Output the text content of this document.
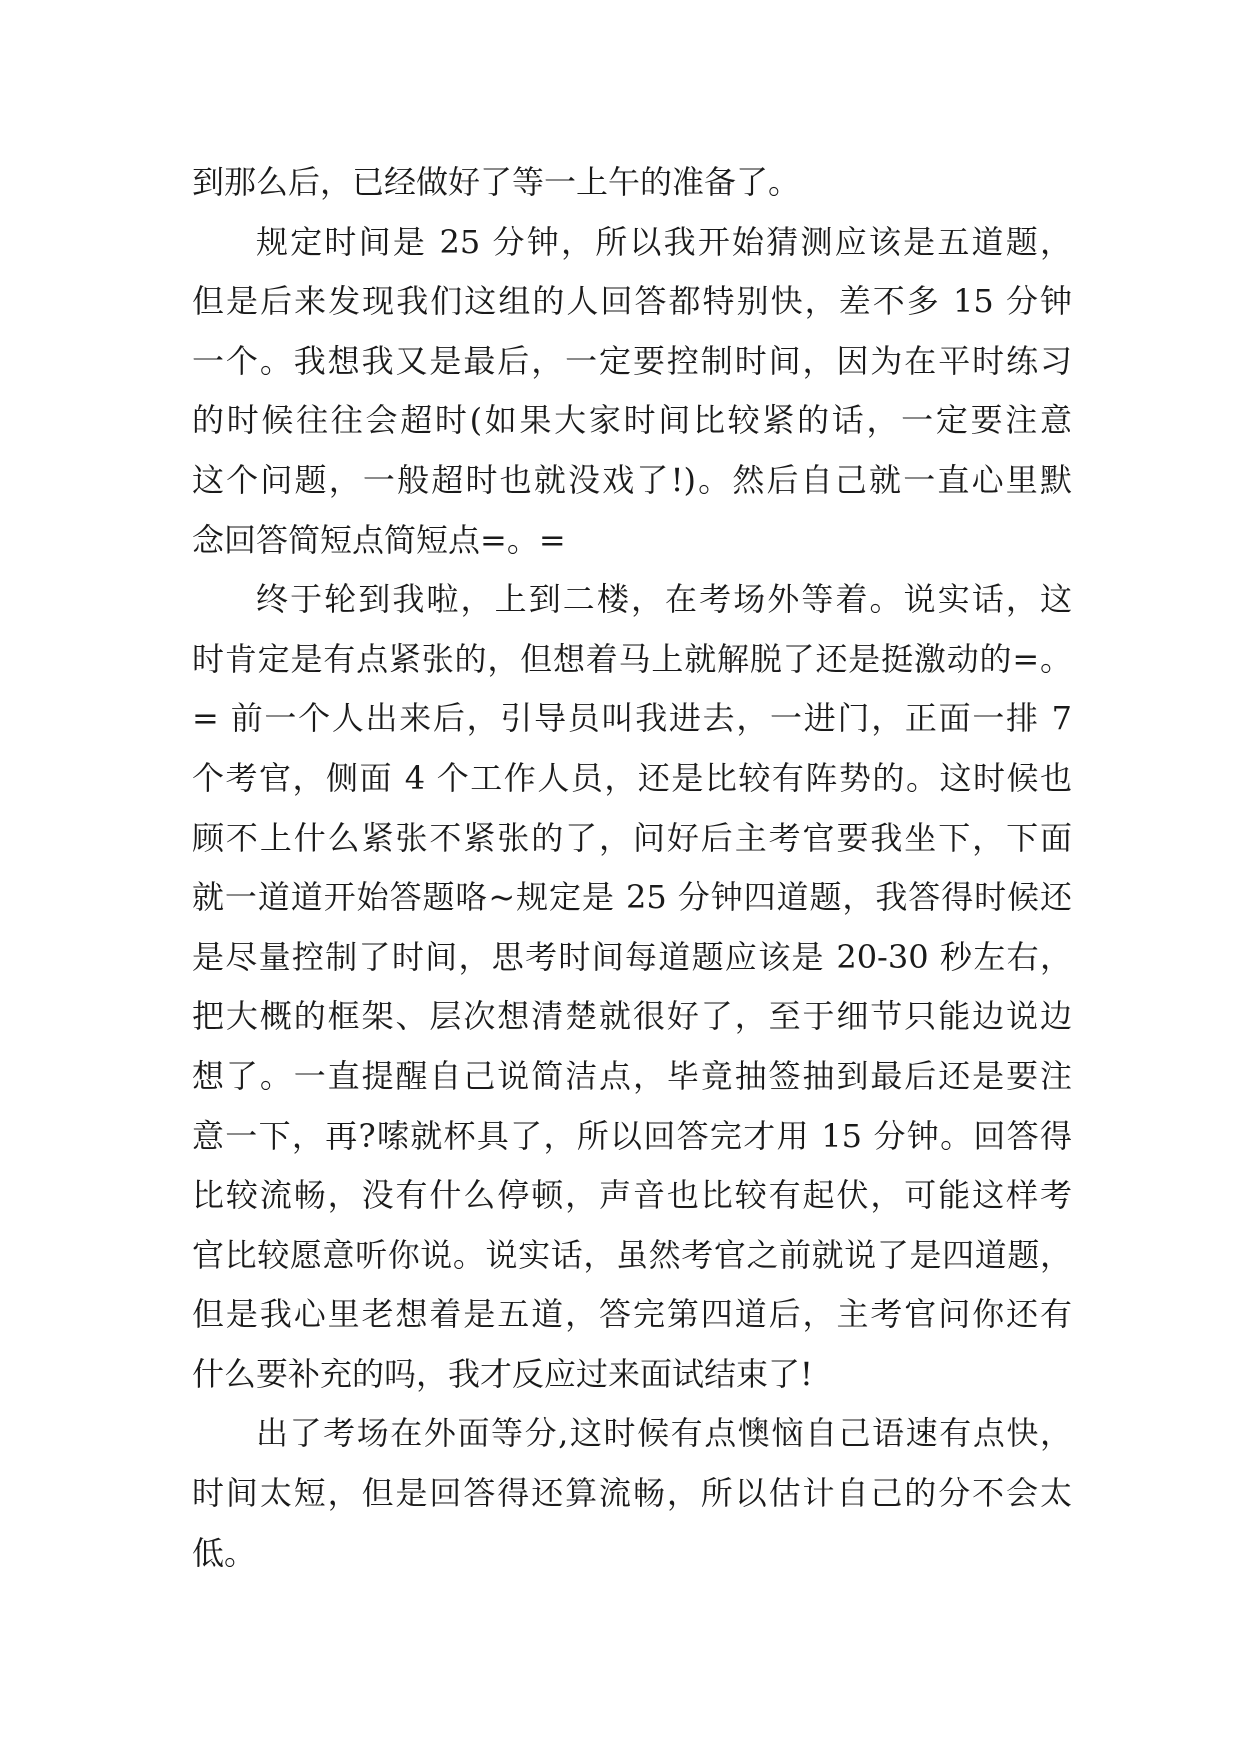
到那么后，已经做好了等一上午的准备了。
规定时间是 25 分钟，所以我开始猜测应该是五道题，
但是后来发现我们这组的人回答都特别快，差不多 15 分钟
一个。我想我又是最后，一定要控制时间，因为在平时练习
的时候往往会超时(如果大家时间比较紧的话，一定要注意
这个问题，一般超时也就没戏了!)。然后自己就一直心里默
念回答简短点简短点=。=
终于轮到我啦，上到二楼，在考场外等着。说实话，这
时肯定是有点紧张的，但想着马上就解脱了还是挺激动的=。
= 前一个人出来后，引导员叫我进去，一进门，正面一排 7
个考官，侧面 4 个工作人员，还是比较有阵势的。这时候也
顾不上什么紧张不紧张的了，问好后主考官要我坐下，下面
就一道道开始答题咯~规定是 25 分钟四道题，我答得时候还
是尽量控制了时间，思考时间每道题应该是 20-30 秒左右，
把大概的框架、层次想清楚就很好了，至于细节只能边说边
想了。一直提醒自己说简洁点，毕竟抽签抽到最后还是要注
意一下，再?嗦就杯具了，所以回答完才用 15 分钟。回答得
比较流畅，没有什么停顿，声音也比较有起伏，可能这样考
官比较愿意听你说。说实话，虽然考官之前就说了是四道题，
但是我心里老想着是五道，答完第四道后，主考官问你还有
什么要补充的吗，我才反应过来面试结束了!
出了考场在外面等分,这时候有点懊恼自己语速有点快，
时间太短，但是回答得还算流畅，所以估计自己的分不会太
低。
